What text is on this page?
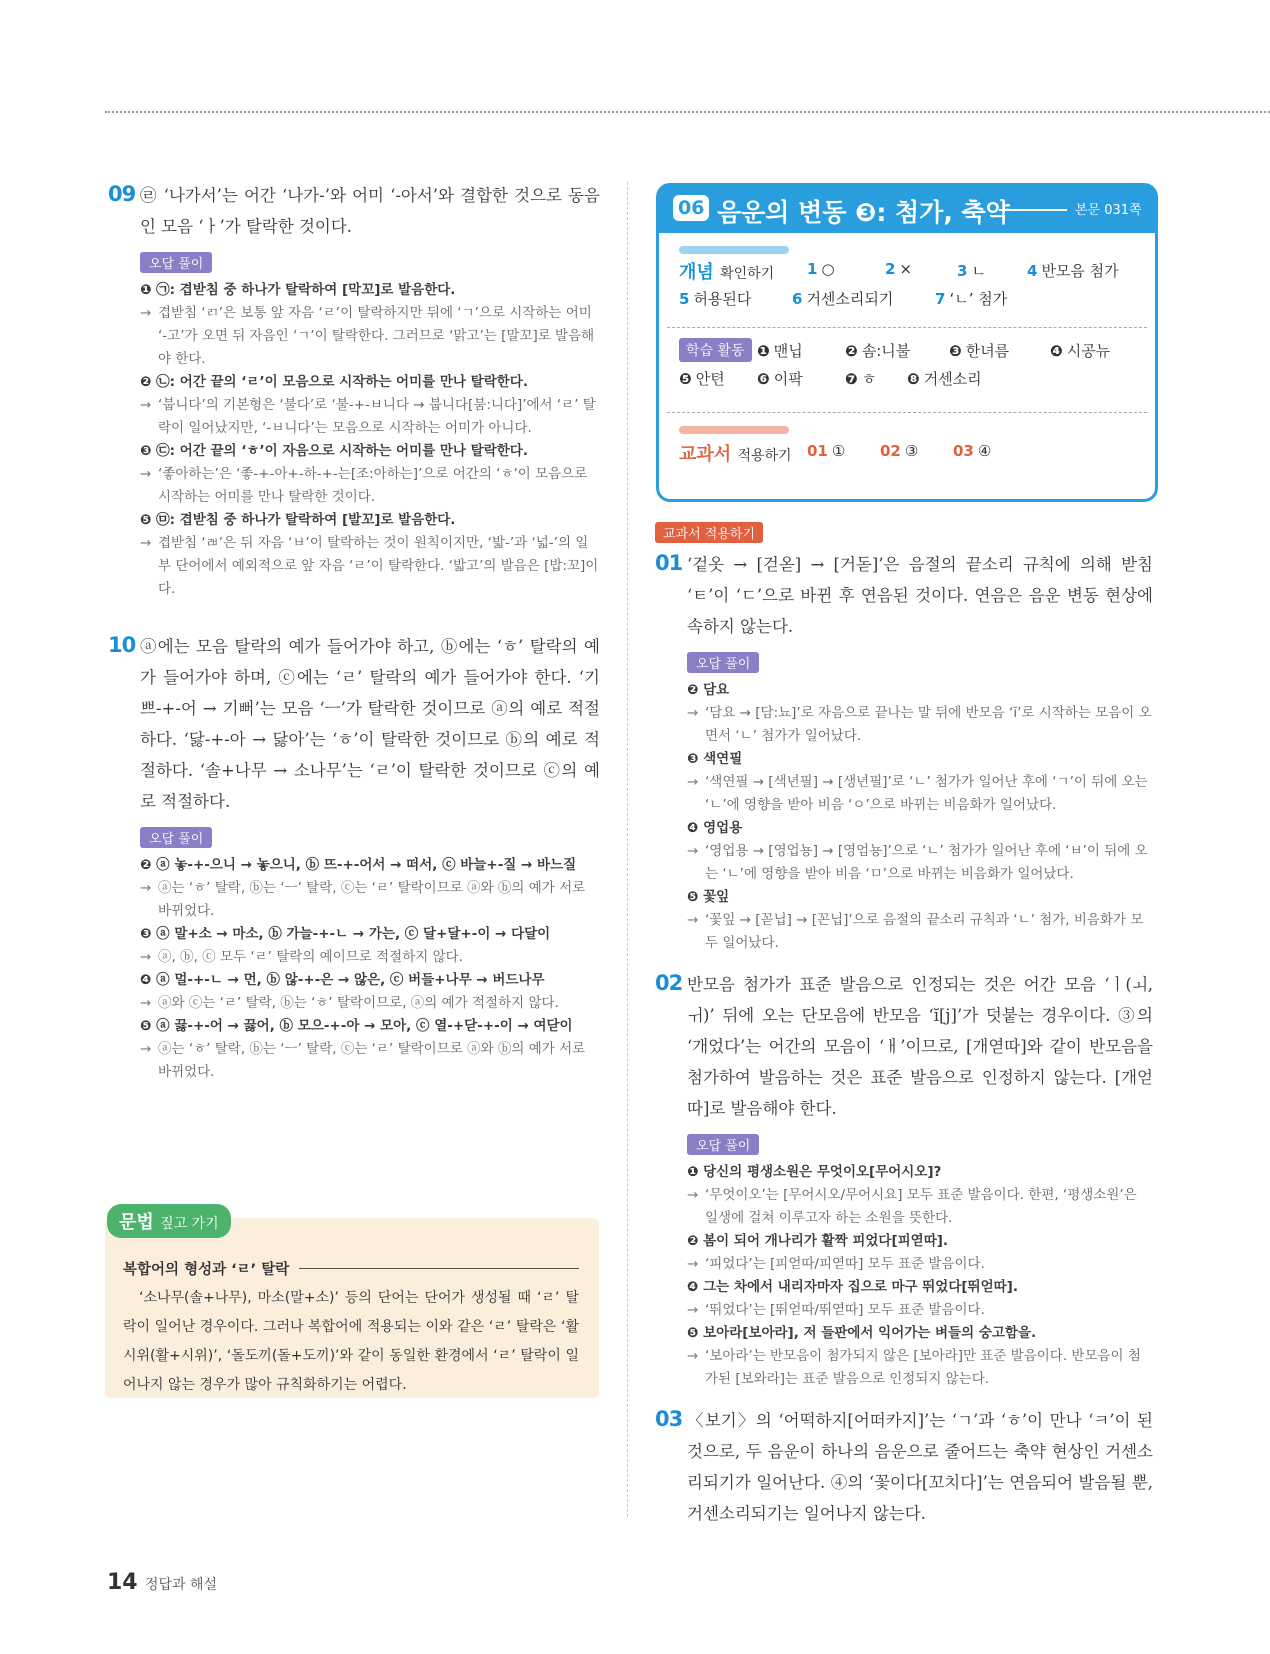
09 ㉣ ‘나가서’는 어간 ‘나가-’와 어미 ‘-아서’와 결합한 것으로 동음인 모음 ‘ㅏ’가 탈락한 것이다.
오답 풀이
❶ ㉠: 겹받침 중 하나가 탈락하여 [막꼬]로 발음한다.
→ 겹받침 ‘ㄺ’은 보통 앞 자음 ‘ㄹ’이 탈락하지만 뒤에 ‘ㄱ’으로 시작하는 어미 ‘-고’가 오면 뒤 자음인 ‘ㄱ’이 탈락한다. 그러므로 ‘맑고’는 [말꼬]로 발음해야 한다.
❷ ㉡: 어간 끝의 ‘ㄹ’이 모음으로 시작하는 어미를 만나 탈락한다.
→ ‘붑니다’의 기본형은 ‘불다’로 ‘불-+-ㅂ니다 → 붑니다[붐:니다]’에서 ‘ㄹ’ 탈락이 일어났지만, ‘-ㅂ니다’는 모음으로 시작하는 어미가 아니다.
❸ ㉢: 어간 끝의 ‘ㅎ’이 자음으로 시작하는 어미를 만나 탈락한다.
→ ‘좋아하는’은 ‘좋-+-아+-하-+-는[조:아하는]’으로 어간의 ‘ㅎ’이 모음으로 시작하는 어미를 만나 탈락한 것이다.
❺ ㉤: 겹받침 중 하나가 탈락하여 [발꼬]로 발음한다.
→ 겹받침 ‘ㄼ’은 뒤 자음 ‘ㅂ’이 탈락하는 것이 원칙이지만, ‘밟-’과 ‘넓-’의 일부 단어에서 예외적으로 앞 자음 ‘ㄹ’이 탈락한다. ‘밟고’의 발음은 [밥:꼬]이다.
10 ⓐ에는 모음 탈락의 예가 들어가야 하고, ⓑ에는 ‘ㅎ’ 탈락의 예가 들어가야 하며, ⓒ에는 ‘ㄹ’ 탈락의 예가 들어가야 한다. ‘기쁘-+-어 → 기뻐’는 모음 ‘ㅡ’가 탈락한 것이므로 ⓐ의 예로 적절하다. ‘닳-+-아 → 닳아’는 ‘ㅎ’이 탈락한 것이므로 ⓑ의 예로 적절하다. ‘솔+나무 → 소나무’는 ‘ㄹ’이 탈락한 것이므로 ⓒ의 예로 적절하다.
오답 풀이
❷ ⓐ 놓-+-으니 → 놓으니, ⓑ 뜨-+-어서 → 떠서, ⓒ 바늘+-질 → 바느질
→ ⓐ는 ‘ㅎ’ 탈락, ⓑ는 ‘ㅡ’ 탈락, ⓒ는 ‘ㄹ’ 탈락이므로 ⓐ와 ⓑ의 예가 서로 바뀌었다.
❸ ⓐ 말+소 → 마소, ⓑ 가늘-+-ㄴ → 가는, ⓒ 달+달+-이 → 다달이
→ ⓐ, ⓑ, ⓒ 모두 ‘ㄹ’ 탈락의 예이므로 적절하지 않다.
❹ ⓐ 멀-+-ㄴ → 먼, ⓑ 않-+-은 → 않은, ⓒ 버들+나무 → 버드나무
→ ⓐ와 ⓒ는 ‘ㄹ’ 탈락, ⓑ는 ‘ㅎ’ 탈락이므로, ⓐ의 예가 적절하지 않다.
❺ ⓐ 끓-+-어 → 끓어, ⓑ 모으-+-아 → 모아, ⓒ 열-+닫-+-이 → 여닫이
→ ⓐ는 ‘ㅎ’ 탈락, ⓑ는 ‘ㅡ’ 탈락, ⓒ는 ‘ㄹ’ 탈락이므로 ⓐ와 ⓑ의 예가 서로 바뀌었다.
문법 짚고 가기
복합어의 형성과 ‘ㄹ’ 탈락
‘소나무(솔+나무), 마소(말+소)’ 등의 단어는 단어가 생성될 때 ‘ㄹ’ 탈락이 일어난 경우이다. 그러나 복합어에 적용되는 이와 같은 ‘ㄹ’ 탈락은 ‘활시위(활+시위)’, ‘돌도끼(돌+도끼)’와 같이 동일한 환경에서 ‘ㄹ’ 탈락이 일어나지 않는 경우가 많아 규칙화하기는 어렵다.
06 음운의 변동 ❸: 첨가, 축약	본문 031쪽
개념 확인하기 1 ○	2 ×	3 ㄴ	4 반모음 첨가
5 허용된다	6 거센소리되기	7 ‘ㄴ’ 첨가
학습 활동 ❶ 맨닙	❷ 솜:니불	❸ 한녀름	❹ 시공뉴
❺ 안텬 ❻ 이팍	❼ ㅎ ❽ 거센소리
교과서 적용하기 01 ① 02 ③ 03 ④
교과서 적용하기
01 ‘겉옷 → [걷옫] → [거돋]’은 음절의 끝소리 규칙에 의해 받침 ‘ㅌ’이 ‘ㄷ’으로 바뀐 후 연음된 것이다. 연음은 음운 변동 현상에 속하지 않는다.
오답 풀이
❷ 담요
→ ‘담요 → [담:뇨]’로 자음으로 끝나는 말 뒤에 반모음 ‘ĭ’로 시작하는 모음이 오면서 ‘ㄴ’ 첨가가 일어났다.
❸ 색연필
→ ‘색연필 → [색년필] → [생년필]’로 ‘ㄴ’ 첨가가 일어난 후에 ‘ㄱ’이 뒤에 오는 ‘ㄴ’에 영향을 받아 비음 ‘ㅇ’으로 바뀌는 비음화가 일어났다.
❹ 영업용
→ ‘영업용 → [영업뇽] → [영엄뇽]’으로 ‘ㄴ’ 첨가가 일어난 후에 ‘ㅂ’이 뒤에 오는 ‘ㄴ’에 영향을 받아 비음 ‘ㅁ’으로 바뀌는 비음화가 일어났다.
❺ 꽃잎
→ ‘꽃잎 → [꼳닙] → [꼰닙]’으로 음절의 끝소리 규칙과 ‘ㄴ’ 첨가, 비음화가 모두 일어났다.
02 반모음 첨가가 표준 발음으로 인정되는 것은 어간 모음 ‘ㅣ(ㅚ, ㅟ)’ 뒤에 오는 단모음에 반모음 ‘ĭ[j]’가 덧붙는 경우이다. ③의 ‘개었다’는 어간의 모음이 ‘ㅐ’이므로, [개엳따]와 같이 반모음을 첨가하여 발음하는 것은 표준 발음으로 인정하지 않는다. [개얻따]로 발음해야 한다.
오답 풀이
❶ 당신의 평생소원은 무엇이오[무어시오]?
→ ‘무엇이오’는 [무어시오/무어시요] 모두 표준 발음이다. 한편, ‘평생소원’은 일생에 걸쳐 이루고자 하는 소원을 뜻한다.
❷ 봄이 되어 개나리가 활짝 피었다[피엳따].
→ ‘피었다’는 [피얻따/피엳따] 모두 표준 발음이다.
❹ 그는 차에서 내리자마자 집으로 마구 뛰었다[뛰얻따].
→ ‘뛰었다’는 [뛰얻따/뛰엳따] 모두 표준 발음이다.
❺ 보아라[보아라], 저 들판에서 익어가는 벼들의 숭고함을.
→ ‘보아라’는 반모음이 첨가되지 않은 [보아라]만 표준 발음이다. 반모음이 첨가된 [보와라]는 표준 발음으로 인정되지 않는다.
03 〈보기〉의 ‘어떡하지[어떠카지]’는 ‘ㄱ’과 ‘ㅎ’이 만나 ‘ㅋ’이 된 것으로, 두 음운이 하나의 음운으로 줄어드는 축약 현상인 거센소리되기가 일어난다. ④의 ‘꽃이다[꼬치다]’는 연음되어 발음될 뿐, 거센소리되기는 일어나지 않는다.
14 정답과 해설
